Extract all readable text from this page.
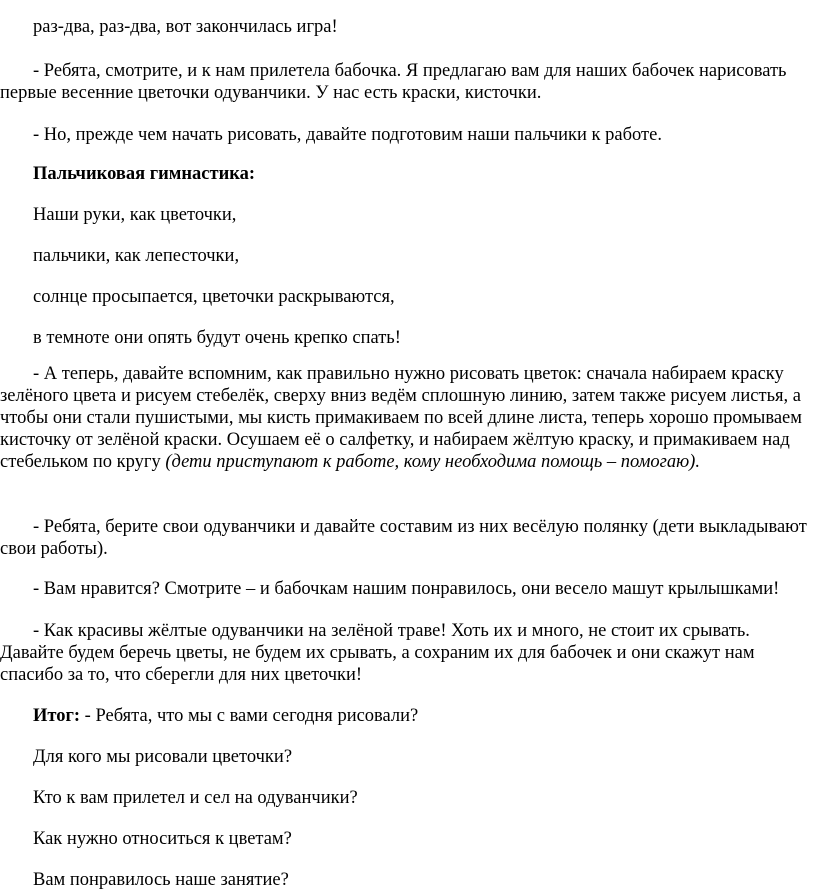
раз-два, раз-два, вот закончилась игра!

- Ребята, смотрите, и к нам прилетела бабочка. Я предлагаю вам для наших бабочек нарисовать первые весенние цветочки одуванчики. У нас есть краски, кисточки.

- Но, прежде чем начать рисовать, давайте подготовим наши пальчики к работе.

Пальчиковая гимнастика:

Наши руки, как цветочки,

пальчики, как лепесточки,

солнце просыпается, цветочки раскрываются,

в темноте они опять будут очень крепко спать!

- А теперь, давайте вспомним, как правильно нужно рисовать цветок: сначала набираем краску зелёного цвета и рисуем стебелёк, сверху вниз ведём сплошную линию, затем также рисуем листья, а чтобы они стали пушистыми, мы кисть примакиваем по всей длине листа, теперь хорошо промываем кисточку от зелёной краски. Осушаем её о салфетку, и набираем жёлтую краску, и примакиваем над стебельком по кругу (дети приступают к работе, кому необходима помощь – помогаю).

- Ребята, берите свои одуванчики и давайте составим из них весёлую полянку (дети выкладывают свои работы).

- Вам нравится? Смотрите – и бабочкам нашим понравилось, они весело машут крылышками!

- Как красивы жёлтые одуванчики на зелёной траве! Хоть их и много, не стоит их срывать. Давайте будем беречь цветы, не будем их срывать, а сохраним их для бабочек и они скажут нам спасибо за то, что сберегли для них цветочки!

Итог: - Ребята, что мы с вами сегодня рисовали?

Для кого мы рисовали цветочки?

Кто к вам прилетел и сел на одуванчики?

Как нужно относиться к цветам?

Вам понравилось наше занятие?
